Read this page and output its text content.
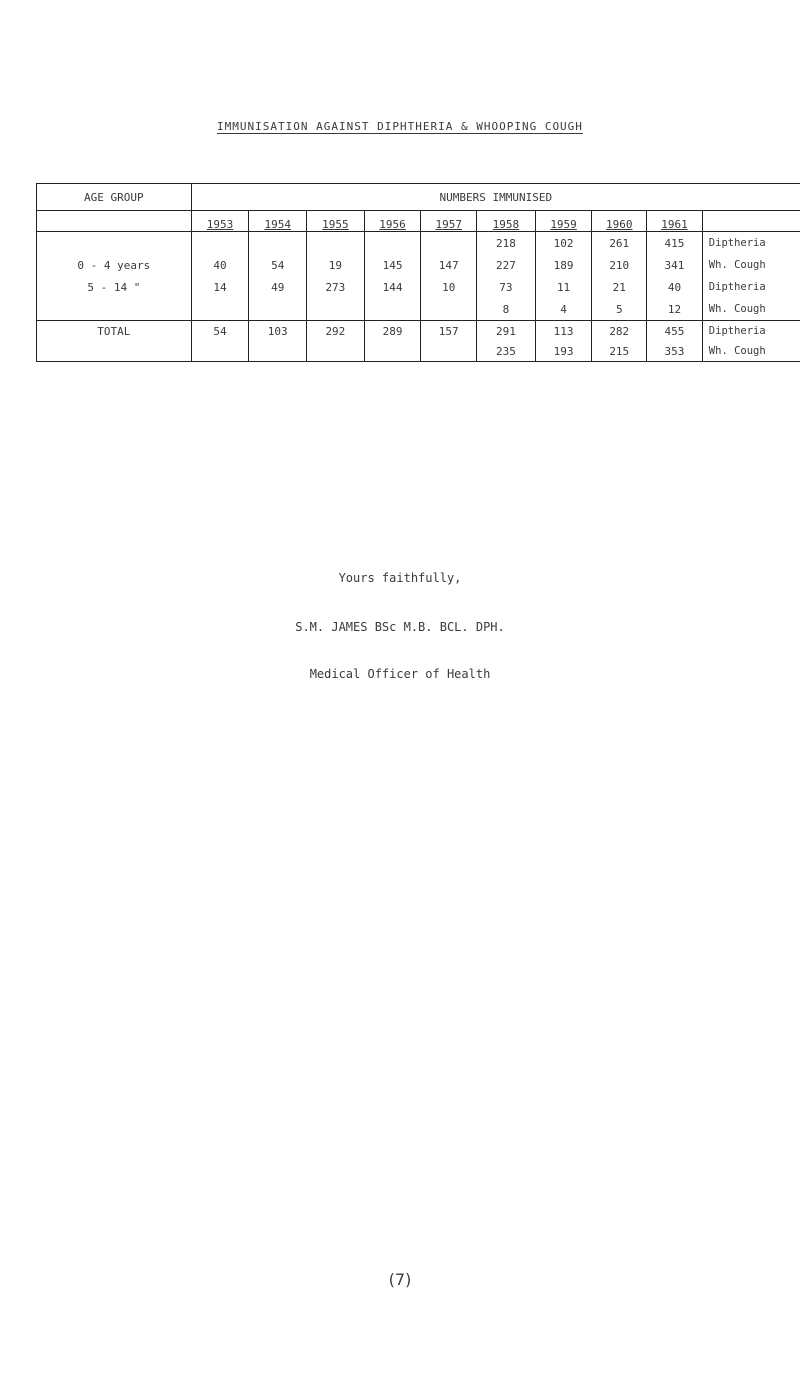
IMMUNISATION AGAINST DIPHTHERIA & WHOOPING COUGH
AGE GROUP	NUMBERS IMMUNISED									
	1953	1954	1955	1956	1957	1958	1959	1960	1961	
						218	102	261	415	Diptheria
0 - 4 years	40	54	19	145	147	227	189	210	341	Wh. Cough
5 - 14 "	14	49	273	144	10	73	11	21	40	Diptheria
						8	4	5	12	Wh. Cough
TOTAL	54	103	292	289	157	291	113	282	455	Diptheria
						235	193	215	353	Wh. Cough
Yours faithfully,
S.M. JAMES BSc M.B. BCL. DPH.
Medical Officer of Health
(7)
